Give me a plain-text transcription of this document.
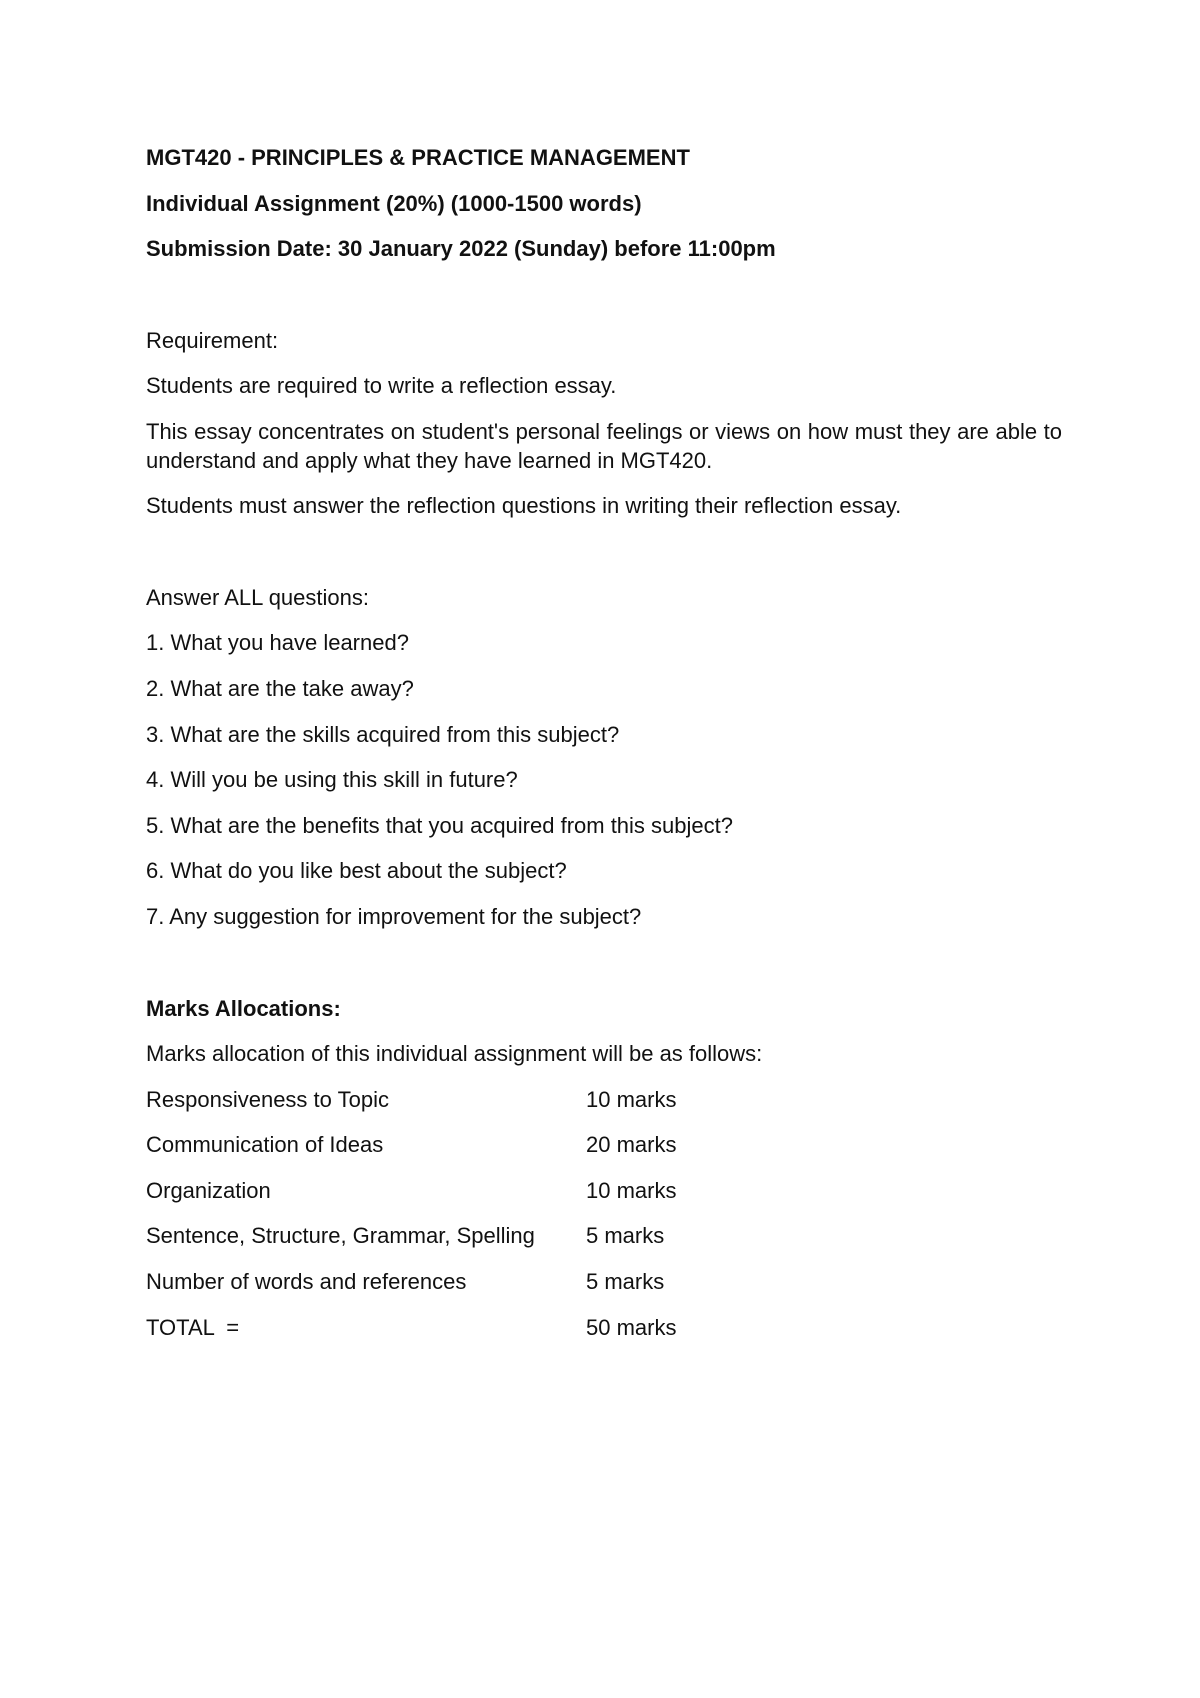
MGT420 - PRINCIPLES & PRACTICE MANAGEMENT

Individual Assignment (20%) (1000-1500 words)

Submission Date: 30 January 2022 (Sunday) before 11:00pm

Requirement:

Students are required to write a reflection essay.

This essay concentrates on student's personal feelings or views on how must they are able to understand and apply what they have learned in MGT420.

Students must answer the reflection questions in writing their reflection essay.

Answer ALL questions:

1. What you have learned?
2. What are the take away?
3. What are the skills acquired from this subject?
4. Will you be using this skill in future?
5. What are the benefits that you acquired from this subject?
6. What do you like best about the subject?
7. Any suggestion for improvement for the subject?

Marks Allocations:

Marks allocation of this individual assignment will be as follows:

Responsiveness to Topic	10 marks
Communication of Ideas	20 marks
Organization	10 marks
Sentence, Structure, Grammar, Spelling	5 marks
Number of words and references	5 marks
TOTAL  =	50 marks
